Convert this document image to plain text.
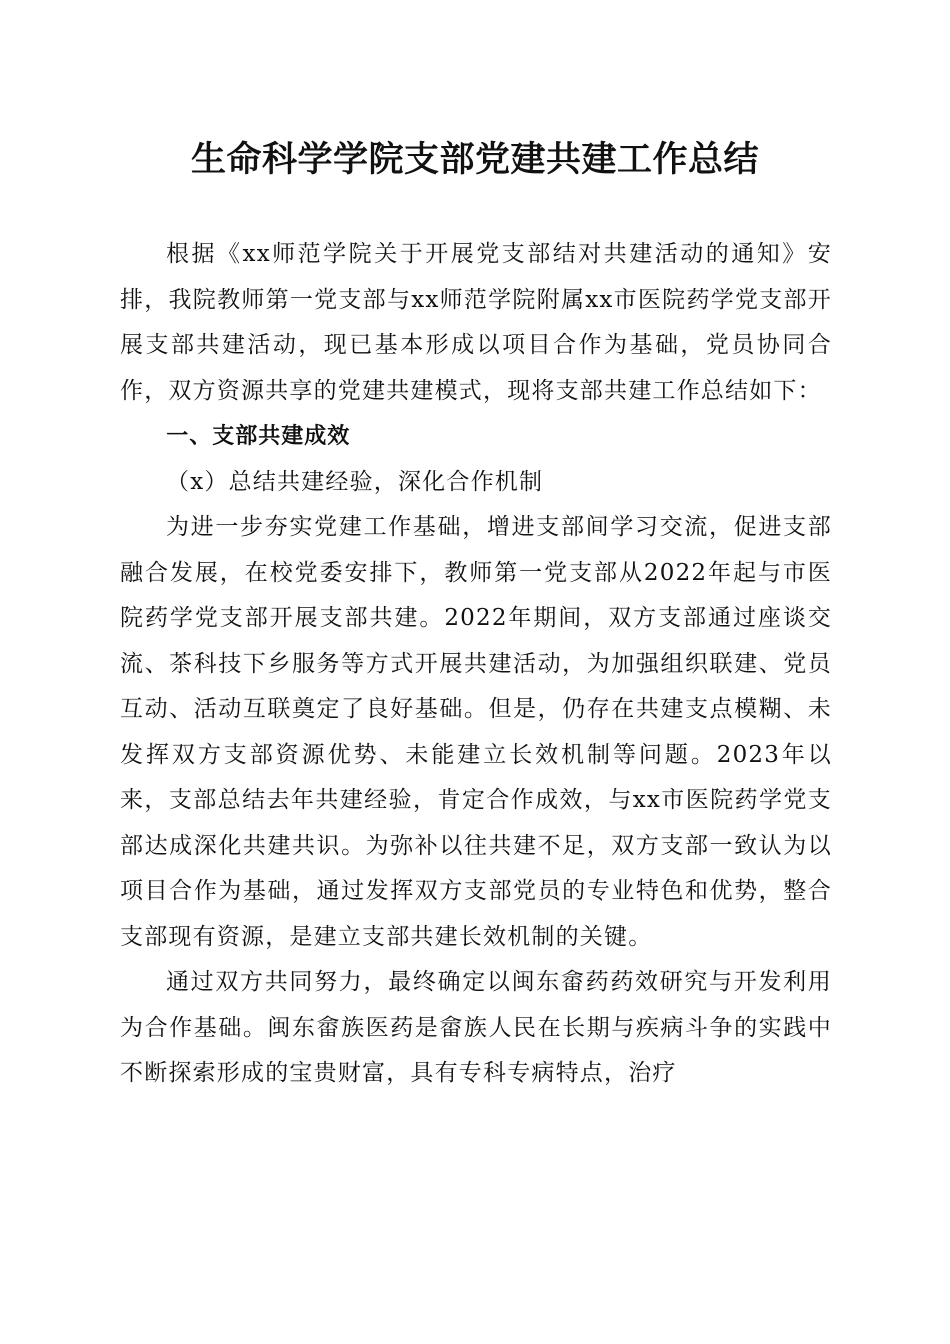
生命科学学院支部党建共建工作总结

根据《xx师范学院关于开展党支部结对共建活动的通知》安排，我院教师第一党支部与xx师范学院附属xx市医院药学党支部开展支部共建活动，现已基本形成以项目合作为基础，党员协同合作，双方资源共享的党建共建模式，现将支部共建工作总结如下：

一、支部共建成效

（x）总结共建经验，深化合作机制

为进一步夯实党建工作基础，增进支部间学习交流，促进支部融合发展，在校党委安排下，教师第一党支部从2022年起与市医院药学党支部开展支部共建。2022年期间，双方支部通过座谈交流、茶科技下乡服务等方式开展共建活动，为加强组织联建、党员互动、活动互联奠定了良好基础。但是，仍存在共建支点模糊、未发挥双方支部资源优势、未能建立长效机制等问题。2023年以来，支部总结去年共建经验，肯定合作成效，与xx市医院药学党支部达成深化共建共识。为弥补以往共建不足，双方支部一致认为以项目合作为基础，通过发挥双方支部党员的专业特色和优势，整合支部现有资源，是建立支部共建长效机制的关键。

通过双方共同努力，最终确定以闽东畲药药效研究与开发利用为合作基础。闽东畲族医药是畲族人民在长期与疾病斗争的实践中不断探索形成的宝贵财富，具有专科专病特点，治疗
